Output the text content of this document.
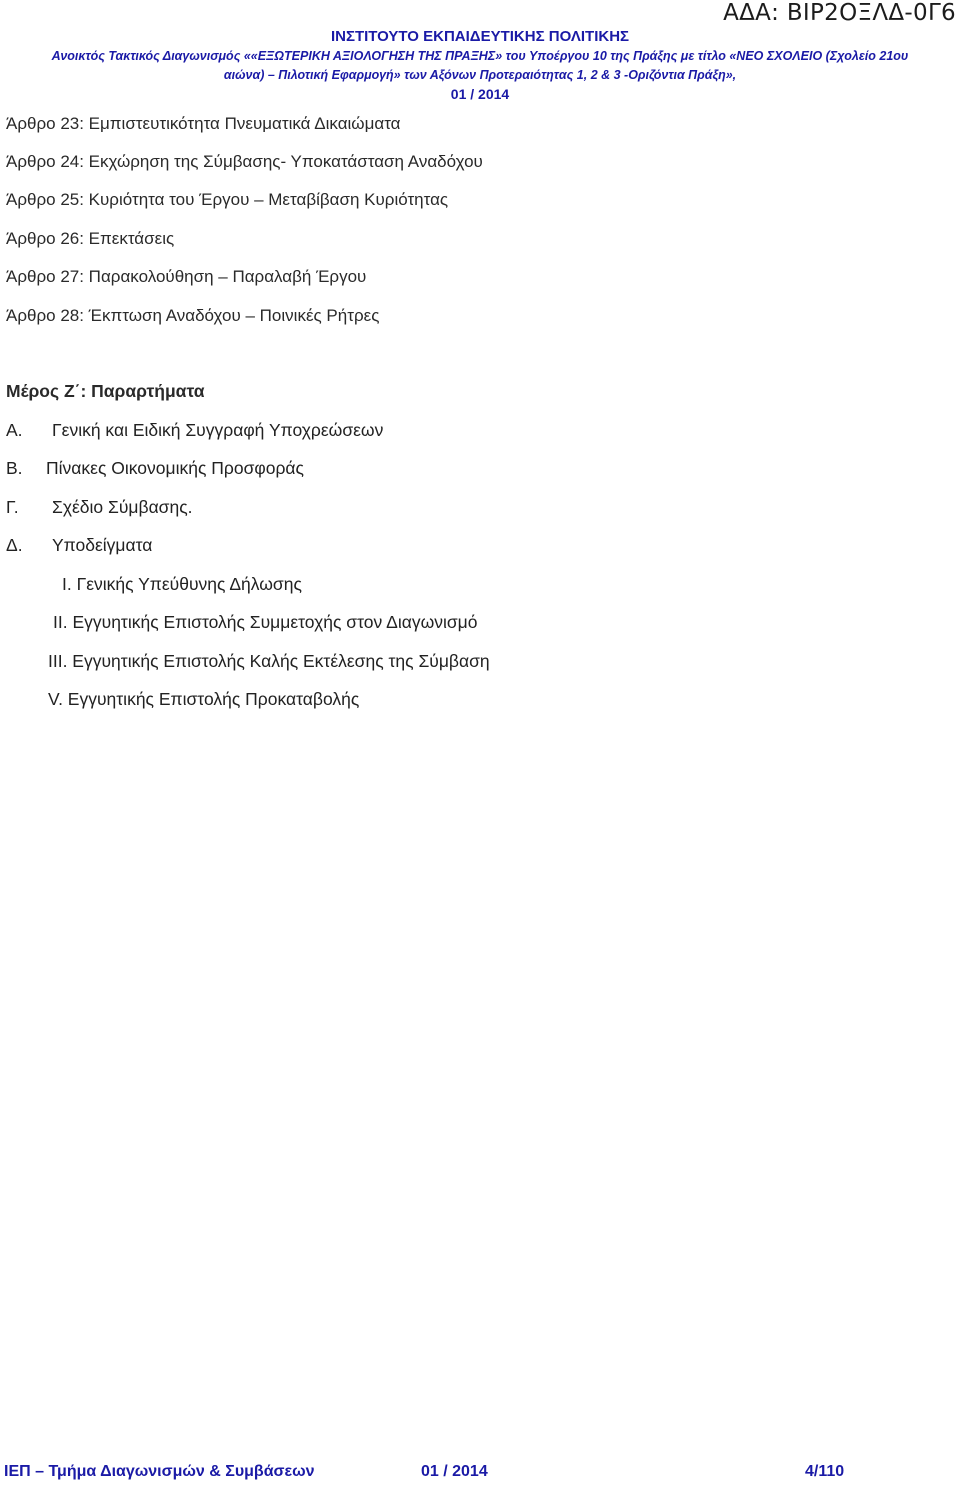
ΑΔΑ: ΒΙΡ2ΟΞΛΔ-0Γ6
ΙΝΣΤΙΤΟΥΤΟ ΕΚΠΑΙΔΕΥΤΙΚΗΣ ΠΟΛΙΤΙΚΗΣ
Ανοικτός Τακτικός Διαγωνισμός ««ΕΞΩΤΕΡΙΚΗ ΑΞΙΟΛΟΓΗΣΗ ΤΗΣ ΠΡΑΞΗΣ» του Υποέργου 10 της Πράξης με τίτλο «ΝΕΟ ΣΧΟΛΕΙΟ (Σχολείο 21ου
αιώνα) – Πιλοτική Εφαρμογή» των Αξόνων Προτεραιότητας 1, 2 & 3 -Οριζόντια Πράξη»,
01 / 2014
Άρθρο 23: Εμπιστευτικότητα Πνευματικά Δικαιώματα
Άρθρο 24: Εκχώρηση της Σύμβασης- Υποκατάσταση Αναδόχου
Άρθρο 25: Κυριότητα του Έργου – Μεταβίβαση Κυριότητας
Άρθρο 26: Επεκτάσεις
Άρθρο 27: Παρακολούθηση – Παραλαβή Έργου
Άρθρο 28: Έκπτωση Αναδόχου – Ποινικές Ρήτρες
Μέρος Ζ΄: Παραρτήματα
Α. Γενική και Ειδική Συγγραφή Υποχρεώσεων
Β. Πίνακες Οικονομικής Προσφοράς
Γ. Σχέδιο Σύμβασης.
Δ. Υποδείγματα
I. Γενικής Υπεύθυνης Δήλωσης
II. Εγγυητικής Επιστολής Συμμετοχής στον Διαγωνισμό
III. Εγγυητικής Επιστολής Καλής Εκτέλεσης της Σύμβαση
V. Εγγυητικής Επιστολής Προκαταβολής
ΙΕΠ – Τμήμα Διαγωνισμών & Συμβάσεων	01 / 2014	4/110
